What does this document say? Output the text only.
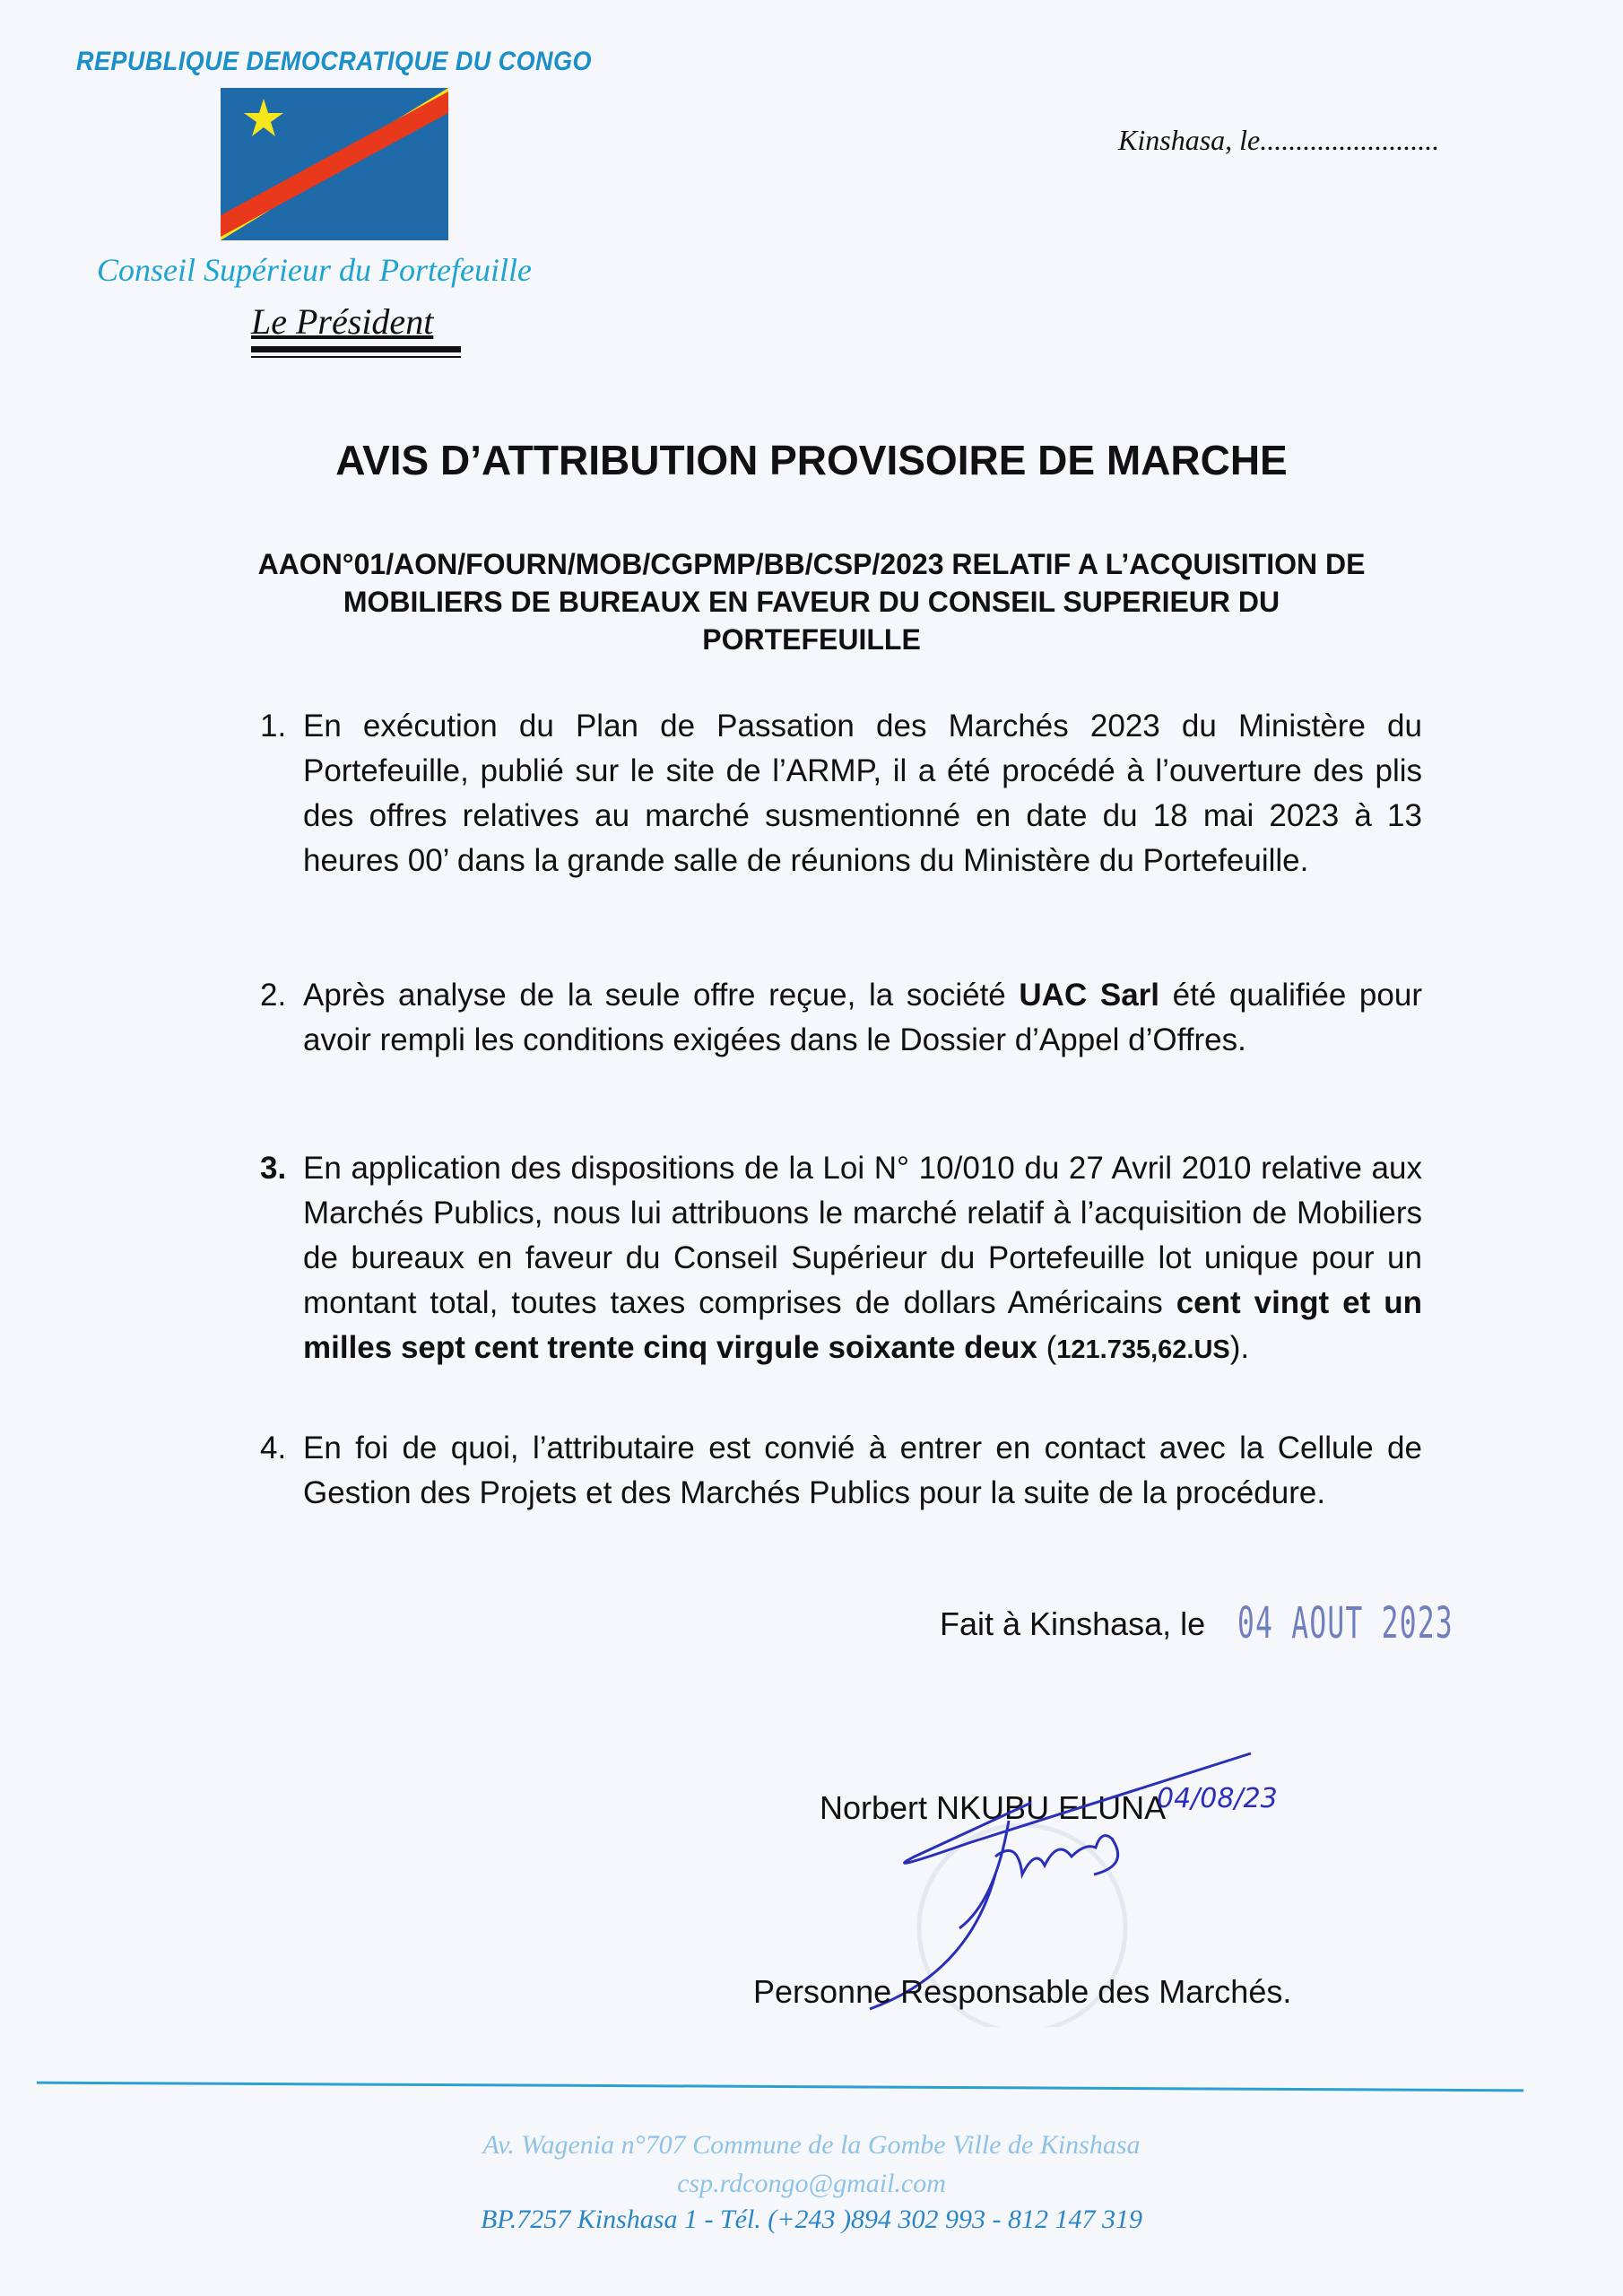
REPUBLIQUE DEMOCRATIQUE DU CONGO
Kinshasa, le.........................
Conseil Supérieur du Portefeuille
Le Président
AVIS D’ATTRIBUTION PROVISOIRE DE MARCHE
AAON°01/AON/FOURN/MOB/CGPMP/BB/CSP/2023 RELATIF A L’ACQUISITION DE MOBILIERS DE BUREAUX EN FAVEUR DU CONSEIL SUPERIEUR DU PORTEFEUILLE
1. En exécution du Plan de Passation des Marchés 2023 du Ministère du Portefeuille, publié sur le site de l’ARMP, il a été procédé à l’ouverture des plis des offres relatives au marché susmentionné en date du 18 mai 2023 à 13 heures 00’ dans la grande salle de réunions du Ministère du Portefeuille.
2. Après analyse de la seule offre reçue, la société UAC Sarl été qualifiée pour avoir rempli les conditions exigées dans le Dossier d’Appel d’Offres.
3. En application des dispositions de la Loi N° 10/010 du 27 Avril 2010 relative aux Marchés Publics, nous lui attribuons le marché relatif à l’acquisition de Mobiliers de bureaux en faveur du Conseil Supérieur du Portefeuille lot unique pour un montant total, toutes taxes comprises de dollars Américains cent vingt et un milles sept cent trente cinq virgule soixante deux (121.735,62.US).
4. En foi de quoi, l’attributaire est convié à entrer en contact avec la Cellule de Gestion des Projets et des Marchés Publics pour la suite de la procédure.
Fait à Kinshasa, le 04 AOUT 2023
Norbert NKUBU ELUNA
04/08/23
Personne Responsable des Marchés.
Av. Wagenia n°707 Commune de la Gombe Ville de Kinshasa
csp.rdcongo@gmail.com
BP.7257 Kinshasa 1 - Tél. (+243 )894 302 993 - 812 147 319
